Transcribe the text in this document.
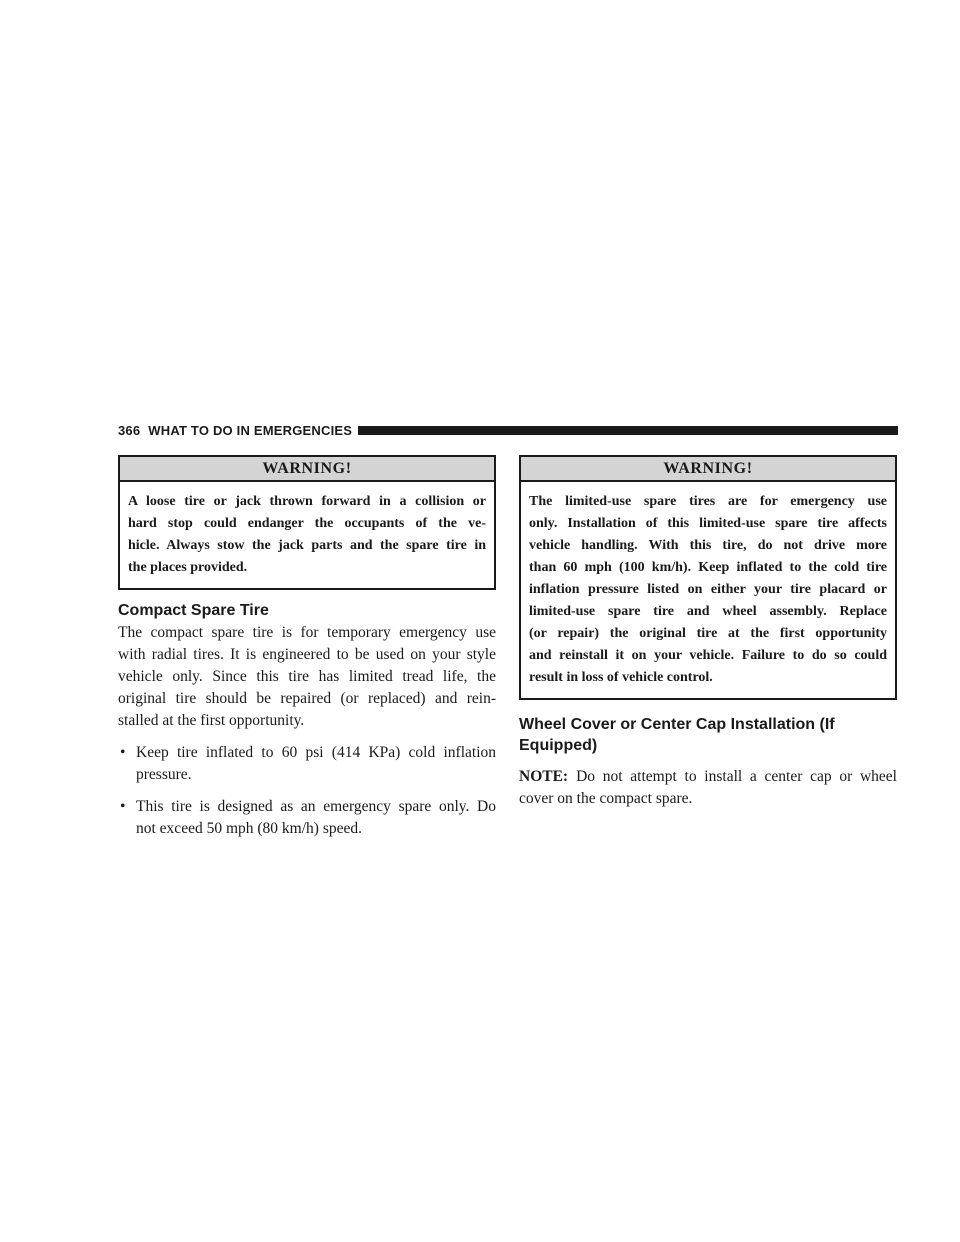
366 WHAT TO DO IN EMERGENCIES
WARNING!
A loose tire or jack thrown forward in a collision or
hard stop could endanger the occupants of the ve-
hicle. Always stow the jack parts and the spare tire in
the places provided.
Compact Spare Tire
The compact spare tire is for temporary emergency use
with radial tires. It is engineered to be used on your style
vehicle only. Since this tire has limited tread life, the
original tire should be repaired (or replaced) and rein-
stalled at the first opportunity.
• Keep tire inflated to 60 psi (414 KPa) cold inflation
pressure.
• This tire is designed as an emergency spare only. Do
not exceed 50 mph (80 km/h) speed.
WARNING!
The limited-use spare tires are for emergency use
only. Installation of this limited-use spare tire affects
vehicle handling. With this tire, do not drive more
than 60 mph (100 km/h). Keep inflated to the cold tire
inflation pressure listed on either your tire placard or
limited-use spare tire and wheel assembly. Replace
(or repair) the original tire at the first opportunity
and reinstall it on your vehicle. Failure to do so could
result in loss of vehicle control.
Wheel Cover or Center Cap Installation (If
Equipped)
NOTE: Do not attempt to install a center cap or wheel
cover on the compact spare.
